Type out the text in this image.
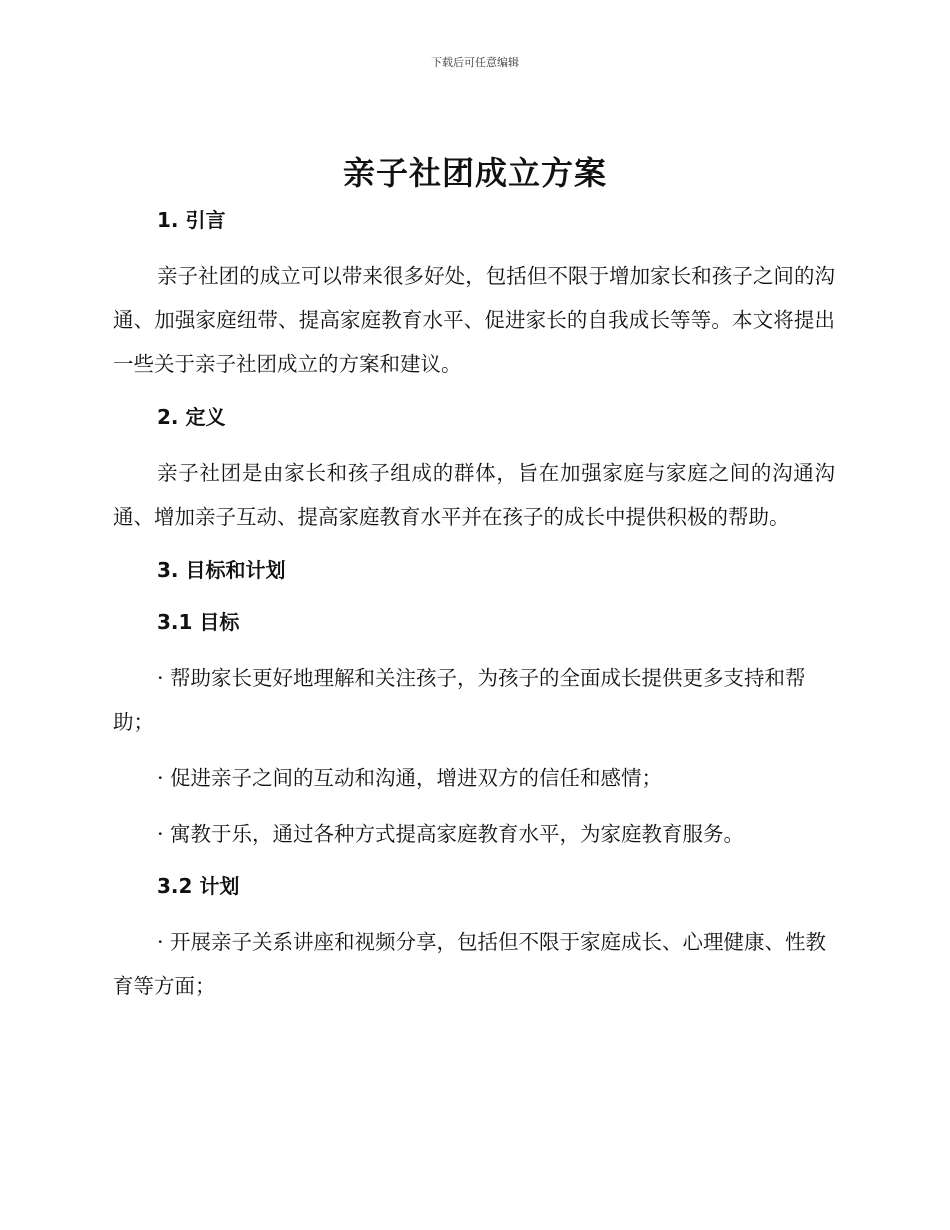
下载后可任意编辑
亲子社团成立方案
1. 引言

亲子社团的成立可以带来很多好处，包括但不限于增加家长和孩子之间的沟通、加强家庭纽带、提高家庭教育水平、促进家长的自我成长等等。本文将提出一些关于亲子社团成立的方案和建议。

2. 定义

亲子社团是由家长和孩子组成的群体，旨在加强家庭与家庭之间的沟通沟通、增加亲子互动、提高家庭教育水平并在孩子的成长中提供积极的帮助。

3. 目标和计划
3.1 目标

· 帮助家长更好地理解和关注孩子，为孩子的全面成长提供更多支持和帮助；

· 促进亲子之间的互动和沟通，增进双方的信任和感情；

· 寓教于乐，通过各种方式提高家庭教育水平，为家庭教育服务。

3.2 计划

· 开展亲子关系讲座和视频分享，包括但不限于家庭成长、心理健康、性教育等方面；
